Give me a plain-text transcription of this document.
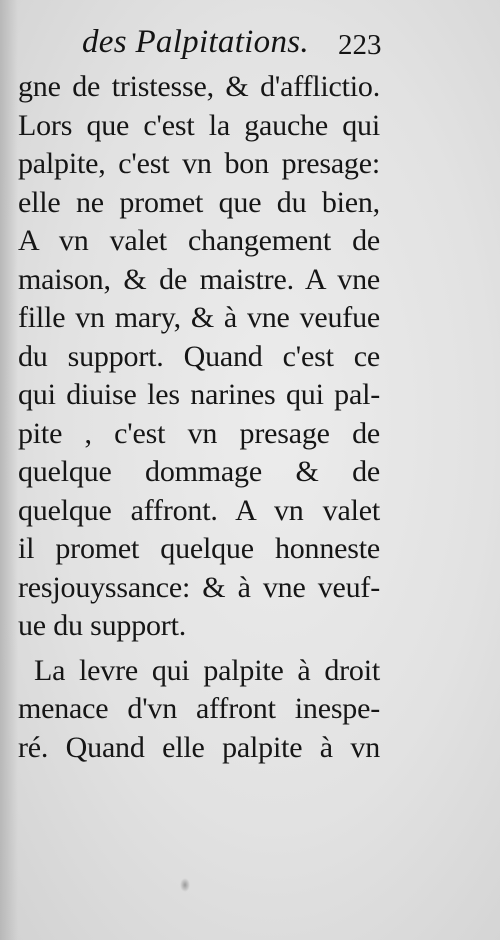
des Palpitations. 223
gne de tristesse, & d'afflictio.
Lors que c'est la gauche qui
palpite, c'est vn bon presage:
elle ne promet que du bien,
A vn valet changement de
maison, & de maistre. A vne
fille vn mary, & à vne veufue
du support. Quand c'est ce
qui diuise les narines qui pal-
pite , c'est vn presage de
quelque dommage & de
quelque affront. A vn valet
il promet quelque honneste
resjouyssance: & à vne veuf-
ue du support.
La levre qui palpite à droit
menace d'vn affront inespe-
ré. Quand elle palpite à vn
